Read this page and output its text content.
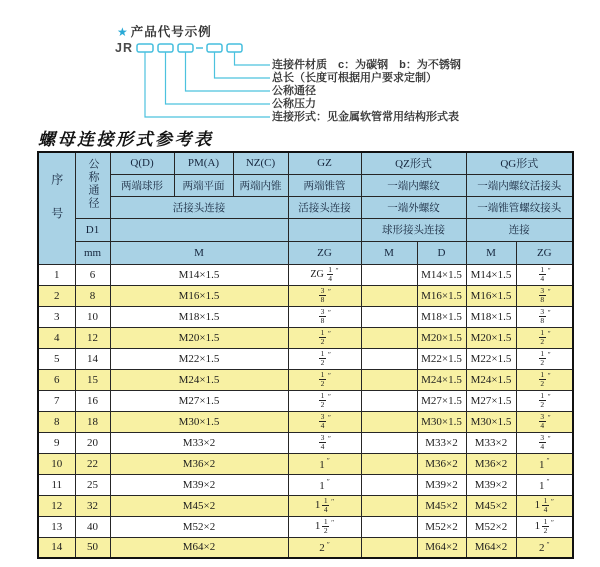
★ 产品代号示例
JR
连接件材质　c：为碳钢　b：为不锈钢
总长（长度可根据用户要求定制）
公称通径
公称压力
连接形式：见金属软管常用结构形式表
螺母连接形式参考表
序号	公称通径	Q(D)	PM(A)	NZ(C)	GZ	QZ形式		QG形式	
		两端球形	两端平面	两端内锥	两端锥管	一端内螺纹		一端内螺纹活接头	
		活接头连接			活接头连接	一端外螺纹		一端锥管螺纹接头	
	D1					球形接头连接		连接	
	mm	M			ZG	M	D	M	ZG
1	6	M14×1.5			ZG $\frac{1}{4} ''$		M14×1.5	M14×1.5	$\frac{1}{4} ''$
2	8	M16×1.5			$\frac{3}{8} ''$		M16×1.5	M16×1.5	$\frac{3}{8} ''$
3	10	M18×1.5			$\frac{3}{8} ''$		M18×1.5	M18×1.5	$\frac{3}{8} ''$
4	12	M20×1.5			$\frac{1}{2} ''$		M20×1.5	M20×1.5	$\frac{1}{2} ''$
5	14	M22×1.5			$\frac{1}{2} ''$		M22×1.5	M22×1.5	$\frac{1}{2} ''$
6	15	M24×1.5			$\frac{1}{2} ''$		M24×1.5	M24×1.5	$\frac{1}{2} ''$
7	16	M27×1.5			$\frac{1}{2} ''$		M27×1.5	M27×1.5	$\frac{1}{2} ''$
8	18	M30×1.5			$\frac{3}{4} ''$		M30×1.5	M30×1.5	$\frac{3}{4} ''$
9	20	M33×2			$\frac{3}{4} ''$		M33×2	M33×2	$\frac{3}{4} ''$
10	22	M36×2			1 ″		M36×2	M36×2	1 ″
11	25	M39×2			1 ″		M39×2	M39×2	1 ″
12	32	M45×2			$1 \frac{1}{4} ''$		M45×2	M45×2	$1 \frac{1}{4} ''$
13	40	M52×2			$1 \frac{1}{2} ''$		M52×2	M52×2	$1 \frac{1}{2} ''$
14	50	M64×2			2 ″		M64×2	M64×2	2 ″
